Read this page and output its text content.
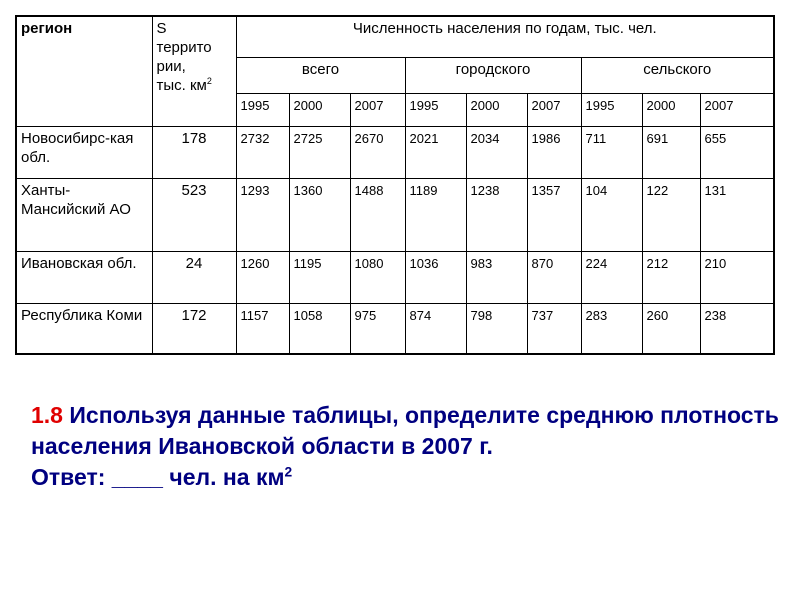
регион	S
террито
рии,
тыс. $км^2$	Численность населения по годам, тыс. чел.								
		всего			городского			сельского		
		1995	2000	2007	1995	2000	2007	1995	2000	2007
Новосибирс-кая обл.	178	2732	2725	2670	2021	2034	1986	711	691	655
Ханты-Мансийский АО	523	1293	1360	1488	1189	1238	1357	104	122	131
Ивановская обл.	24	1260	1195	1080	1036	983	870	224	212	210
Республика Коми	172	1157	1058	975	874	798	737	283	260	238
1.8 Используя данные таблицы, определите среднюю плотность населения Ивановской области в 2007 г.
Ответ: ____ чел. на $км^2$
